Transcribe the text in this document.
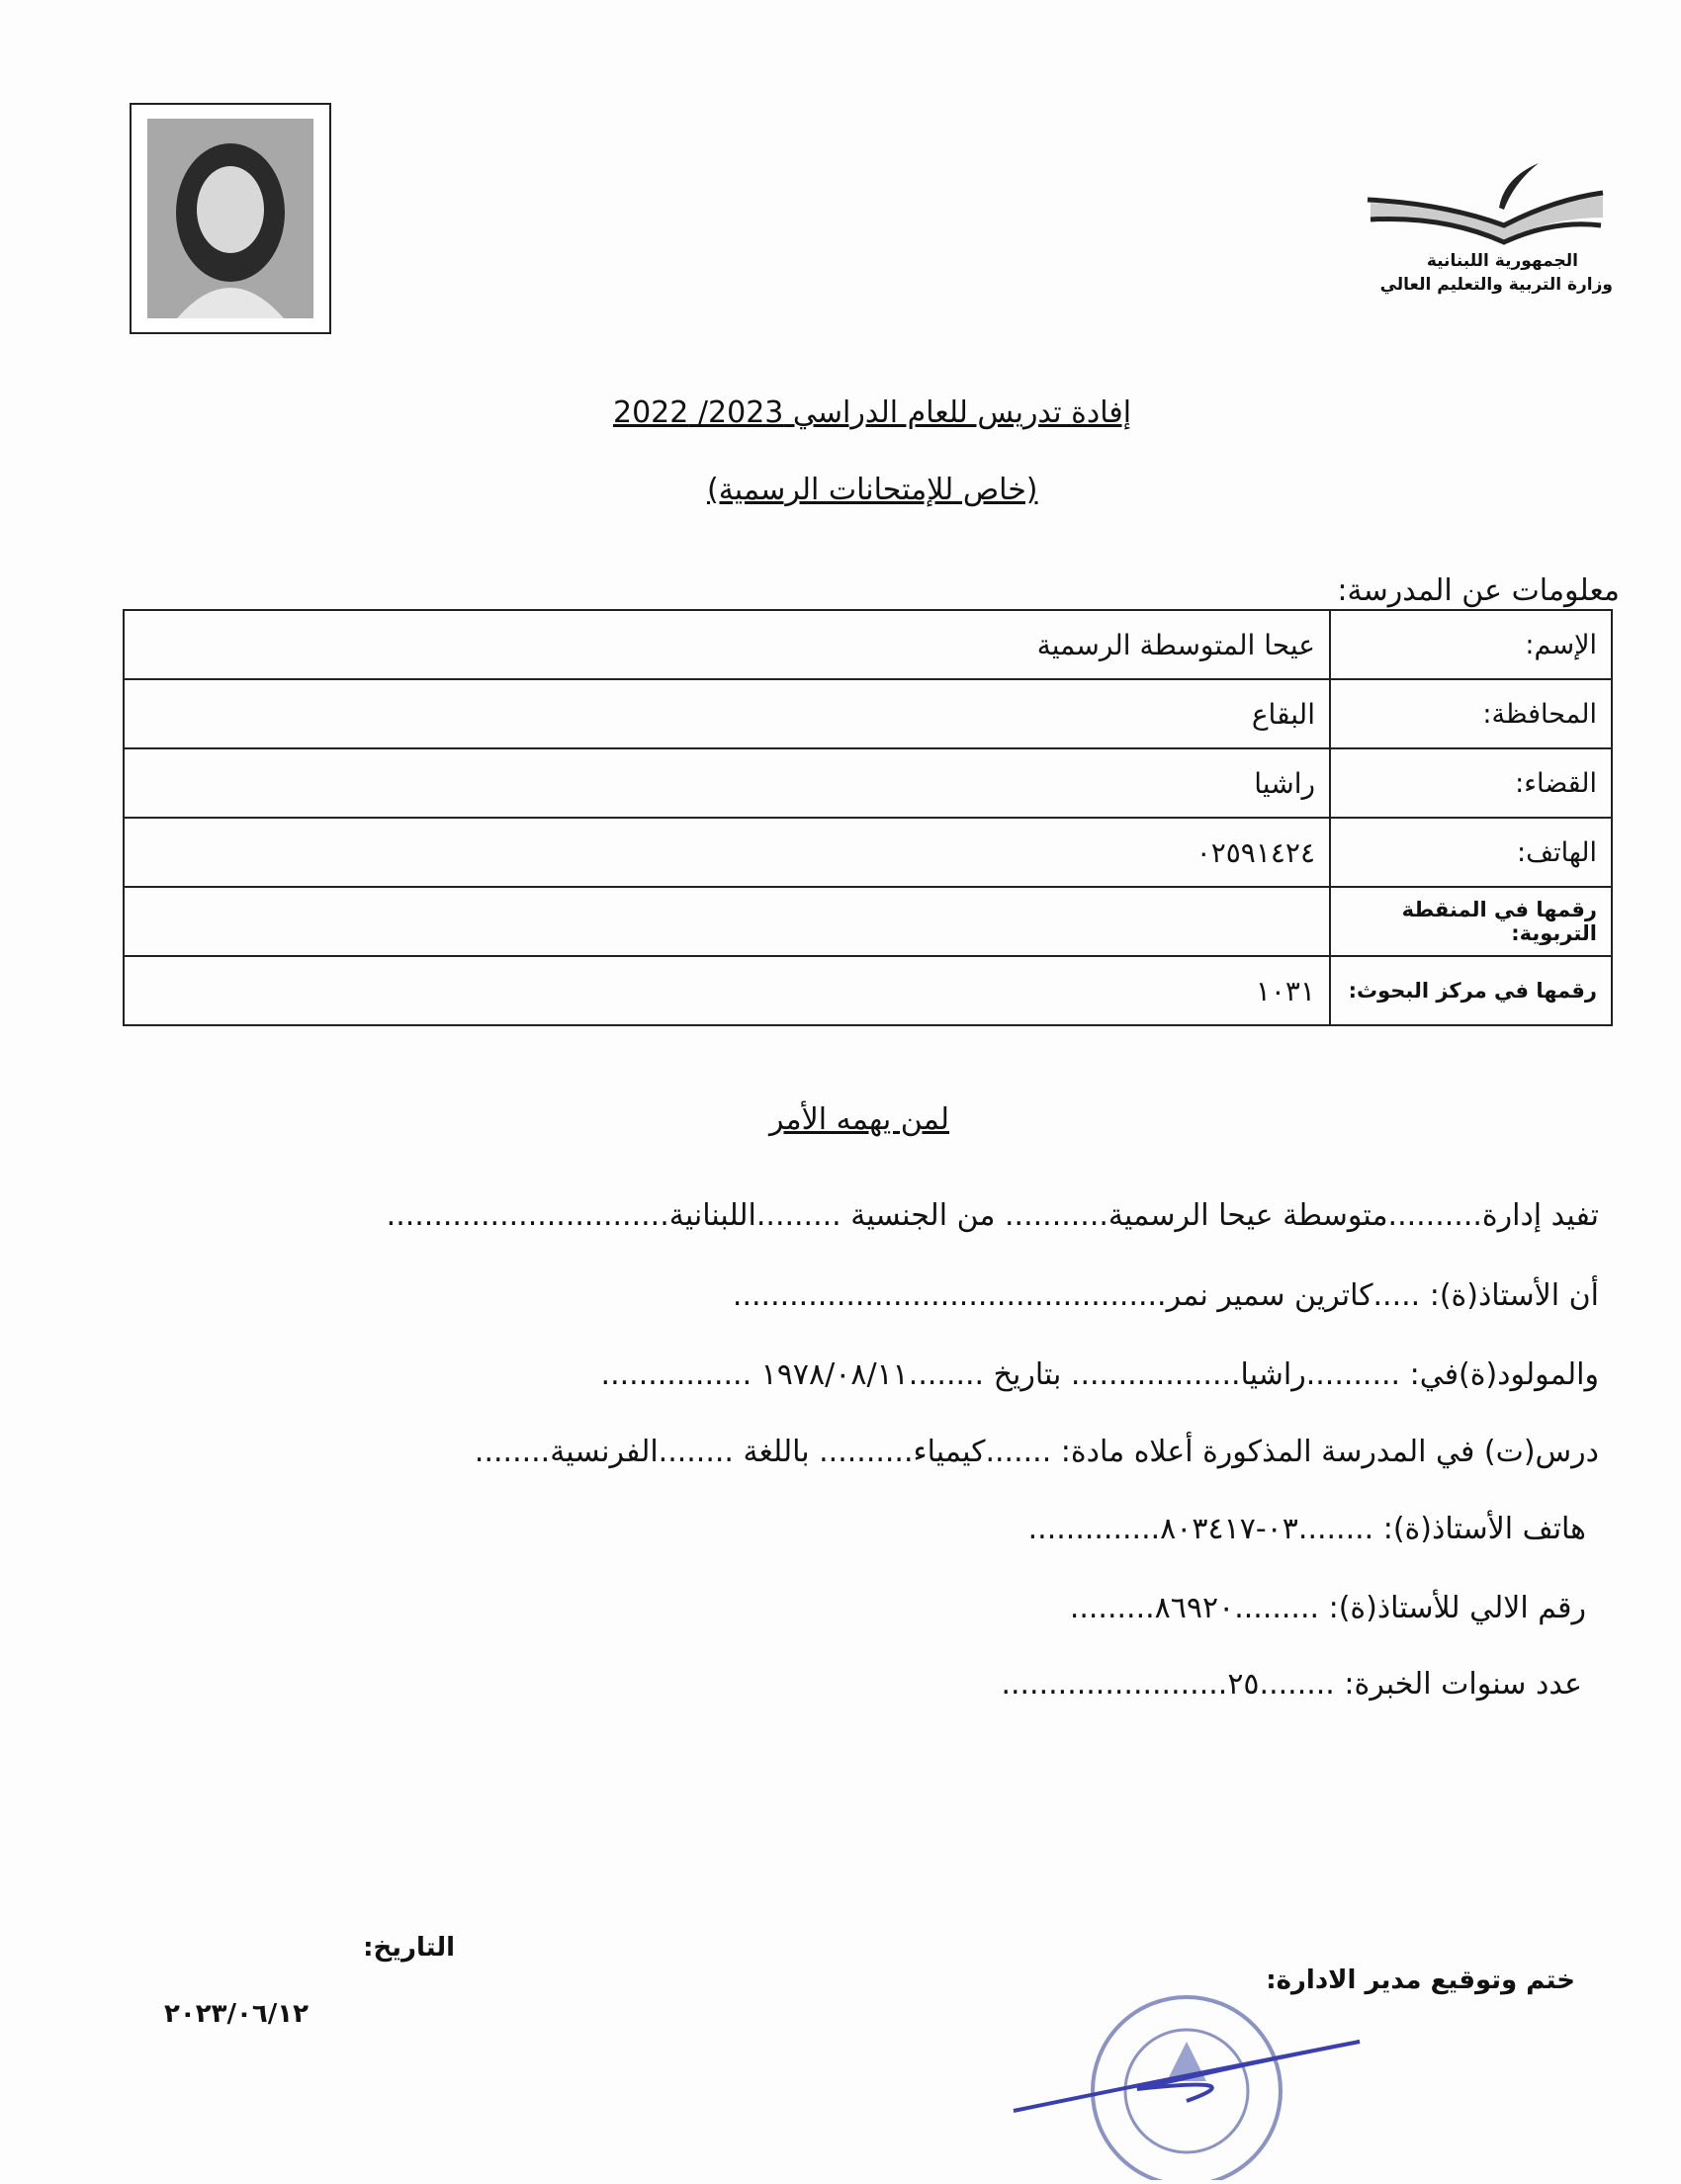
الجمهورية اللبنانية
وزارة التربية والتعليم العالي
إفادة تدريس للعام الدراسي 2023/ 2022
(خاص للإمتحانات الرسمية)
معلومات عن المدرسة:
الإسم:	عيحا المتوسطة الرسمية
المحافظة:	البقاع
القضاء:	راشيا
الهاتف:	٠٢٥٩١٤٢٤
رقمها في المنقطة التربوية:	
رقمها في مركز البحوث:	١٠٣١
لمن يهمه الأمر
تفيد إدارة..........متوسطة عيحا الرسمية........... من الجنسية .........اللبنانية..............................
أن الأستاذ(ة): .....كاترين سمير نمر..............................................
والمولود(ة)في: ..........راشيا.................. بتاريخ ........١٩٧٨/٠٨/١١ ................
درس(ت) في المدرسة المذكورة أعلاه مادة: .......كيمياء.......... باللغة ........الفرنسية........
هاتف الأستاذ(ة): ........٠٣-٨٠٣٤١٧..............
رقم الالي للأستاذ(ة): .........٨٦٩٢٠.........
عدد سنوات الخبرة: ........٢٥........................
التاريخ:
٢٠٢٣/٠٦/١٢
ختم وتوقيع مدير الادارة:
